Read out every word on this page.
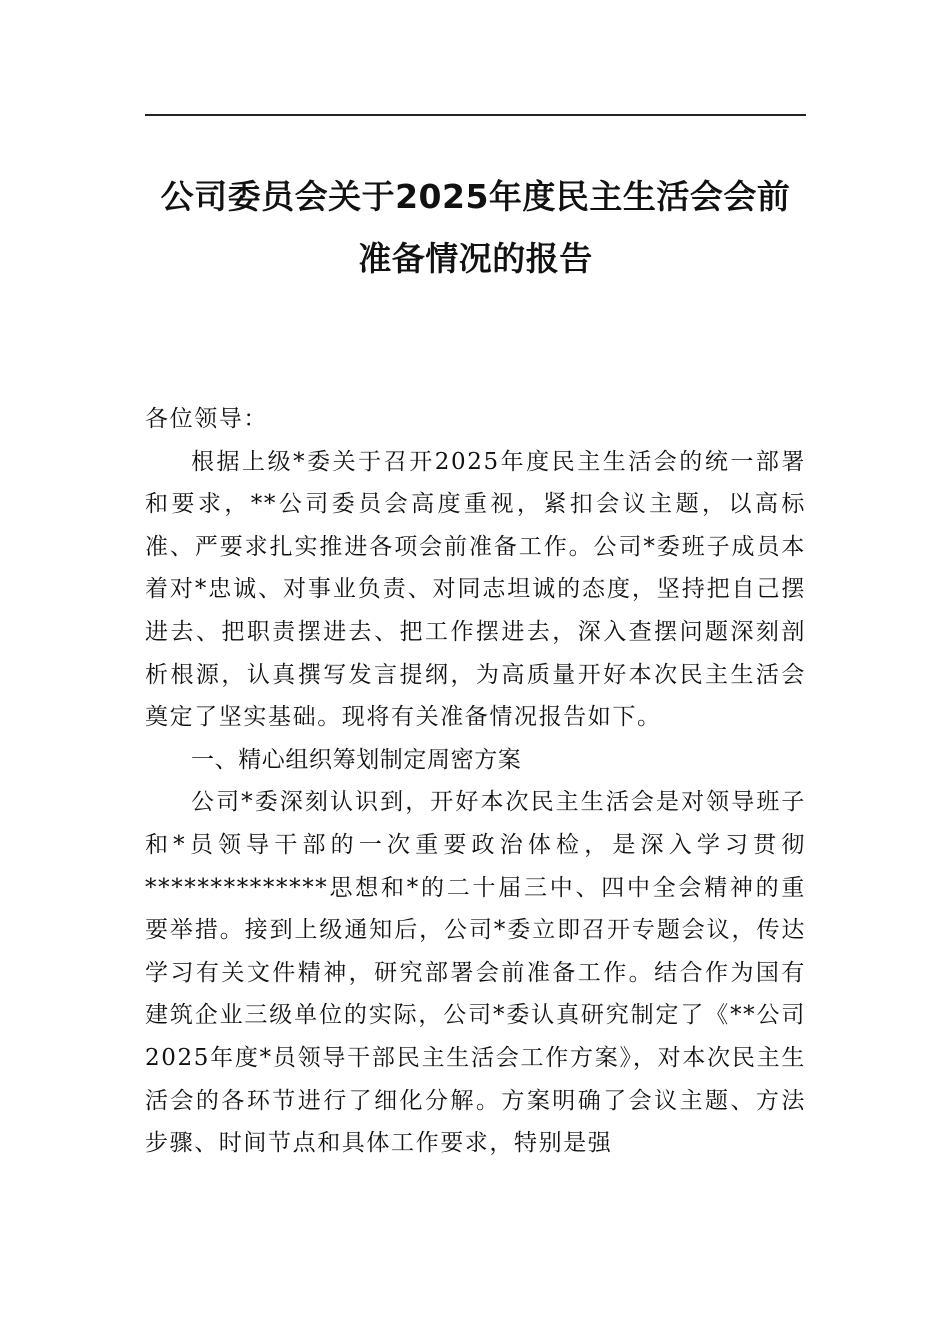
公司委员会关于2025年度民主生活会会前
准备情况的报告

各位领导：

根据上级*委关于召开2025年度民主生活会的统一部署和要求，**公司委员会高度重视，紧扣会议主题，以高标准、严要求扎实推进各项会前准备工作。公司*委班子成员本着对*忠诚、对事业负责、对同志坦诚的态度，坚持把自己摆进去、把职责摆进去、把工作摆进去，深入查摆问题深刻剖析根源，认真撰写发言提纲，为高质量开好本次民主生活会奠定了坚实基础。现将有关准备情况报告如下。

一、精心组织筹划制定周密方案

公司*委深刻认识到，开好本次民主生活会是对领导班子和*员领导干部的一次重要政治体检，是深入学习贯彻**************思想和*的二十届三中、四中全会精神的重要举措。接到上级通知后，公司*委立即召开专题会议，传达学习有关文件精神，研究部署会前准备工作。结合作为国有建筑企业三级单位的实际，公司*委认真研究制定了《**公司2025年度*员领导干部民主生活会工作方案》，对本次民主生活会的各环节进行了细化分解。方案明确了会议主题、方法步骤、时间节点和具体工作要求，特别是强
